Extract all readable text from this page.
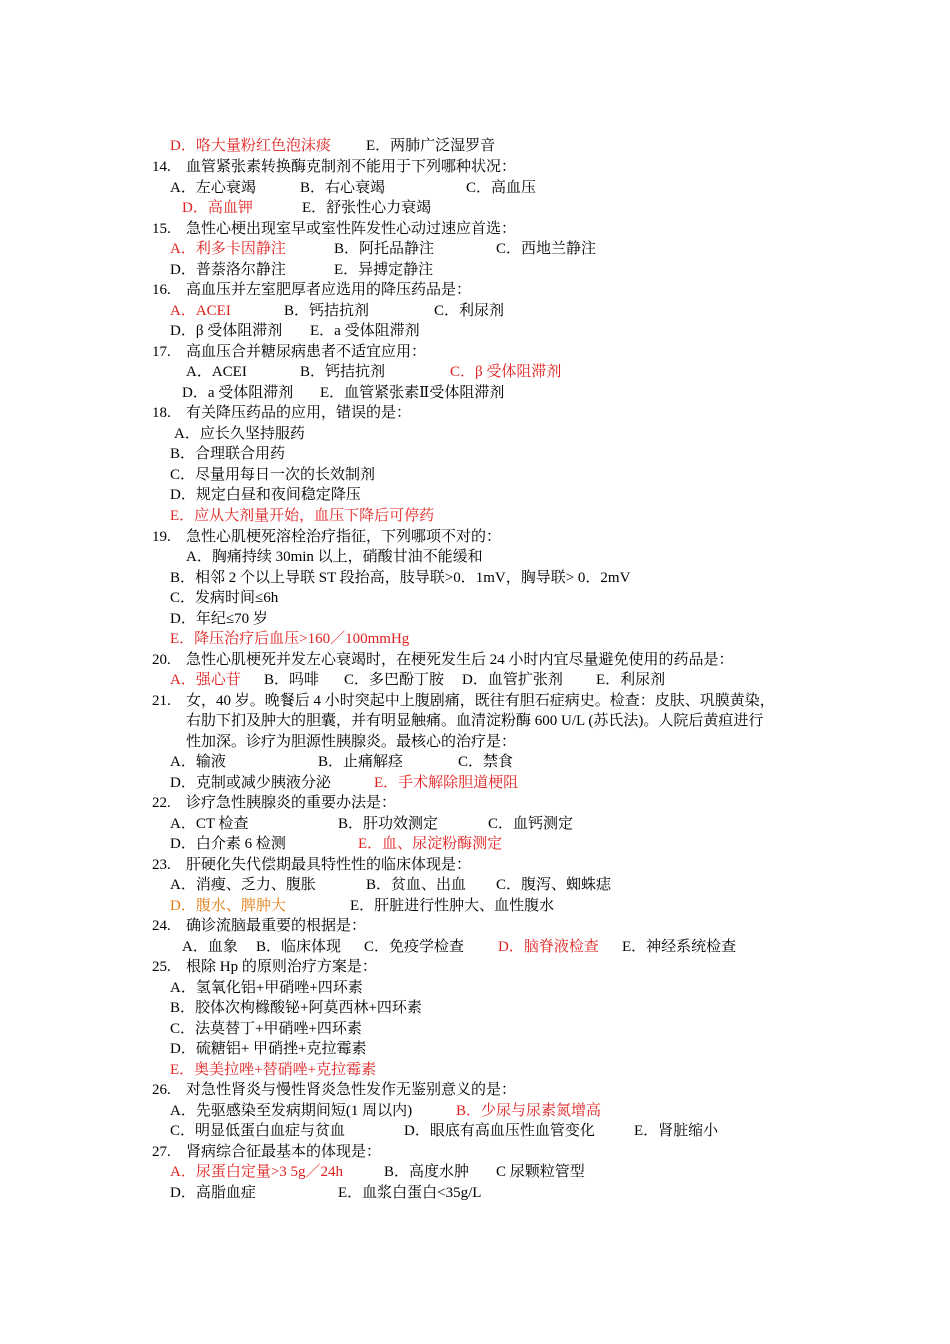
D．咯大量粉红色泡沫痰 E．两肺广泛湿罗音
14. 血管紧张素转换酶克制剂不能用于下列哪种状况：
A．左心衰竭	B．右心衰竭	C．高血压
D．高血钾	E．舒张性心力衰竭
15. 急性心梗出现室早或室性阵发性心动过速应首选：
A．利多卡因静注	B．阿托品静注	C．西地兰静注
D．普萘洛尔静注	E．异搏定静注
16. 高血压并左室肥厚者应选用的降压药品是：
A．ACEI	B．钙拮抗剂	C．利尿剂
D．β 受体阻滞剂 E．a 受体阻滞剂
17. 高血压合并糖尿病患者不适宜应用：
A．ACEI	B．钙拮抗剂	C．β 受体阻滞剂
D．a 受体阻滞剂 E．血管紧张素Ⅱ受体阻滞剂
18. 有关降压药品的应用，错误的是：
A．应长久坚持服药
B．合理联合用药
C．尽量用每日一次的长效制剂
D．规定白昼和夜间稳定降压
E．应从大剂量开始，血压下降后可停药
19. 急性心肌梗死溶栓治疗指征，下列哪项不对的：
A．胸痛持续 30min 以上，硝酸甘油不能缓和
B．相邻 2 个以上导联 ST 段抬高，肢导联>0．1mV，胸导联> 0．2mV
C．发病时间≤6h
D．年纪≤70 岁
E．降压治疗后血压>160／100mmHg
20. 急性心肌梗死并发左心衰竭时，在梗死发生后 24 小时内宜尽量避免使用的药品是：
A．强心苷 B．吗啡 C．多巴酚丁胺 D．血管扩张剂 E．利尿剂
21. 女，40 岁。晚餐后 4 小时突起中上腹剧痛，既往有胆石症病史。检查：皮肤、巩膜黄染，
右肋下扪及肿大的胆囊，并有明显触痛。血清淀粉酶 600 U/L (苏氏法)。人院后黄疸进行
性加深。诊疗为胆源性胰腺炎。最核心的治疗是：
A．输液	B．止痛解痉	C．禁食
D．克制或减少胰液分泌	E．手术解除胆道梗阻
22. 诊疗急性胰腺炎的重要办法是：
A．CT 检查	B．肝功效测定	C．血钙测定
D．白介素 6 检测	E．血、尿淀粉酶测定
23. 肝硬化失代偿期最具特性性的临床体现是：
A．消瘦、乏力、腹胀	B．贫血、出血 C．腹泻、蜘蛛痣
D．腹水、脾肿大	E．肝脏进行性肿大、血性腹水
24. 确诊流脑最重要的根据是：
A．血象 B．临床体现 C．免疫学检查 D．脑脊液检查 E．神经系统检查
25. 根除 Hp 的原则治疗方案是：
A．氢氧化铝+甲硝唑+四环素
B．胶体次枸橼酸铋+阿莫西林+四环素
C．法莫替丁+甲硝唑+四环素
D．硫糖铝+ 甲硝挫+克拉霉素
E．奥美拉唑+替硝唑+克拉霉素
26. 对急性肾炎与慢性肾炎急性发作无鉴别意义的是：
A．先驱感染至发病期间短(1 周以内)	B．少尿与尿素氮增高
C．明显低蛋白血症与贫血	D．眼底有高血压性血管变化	E．肾脏缩小
27. 肾病综合征最基本的体现是：
A．尿蛋白定量>3 5g／24h	B．高度水肿 C 尿颗粒管型
D．高脂血症	E．血浆白蛋白<35g/L
